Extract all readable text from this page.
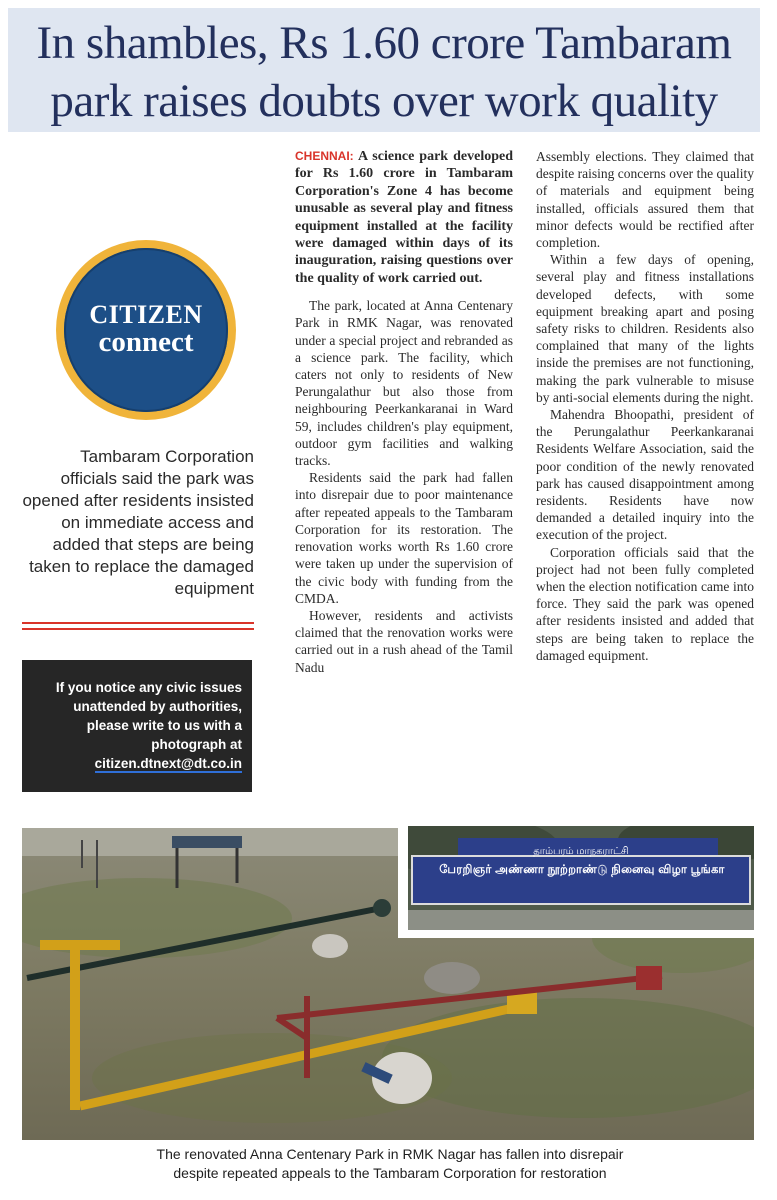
In shambles, Rs 1.60 crore Tambaram
park raises doubts over work quality
CITIZEN
connect

Tambaram Corporation officials said the park was opened after residents insisted on immediate access and added that steps are being taken to replace the damaged equipment

If you notice any civic issues unattended by authorities, please write to us with a photograph at citizen.dtnext@dt.co.in

CHENNAI: A science park developed for Rs 1.60 crore in Tambaram Corporation's Zone 4 has become unusable as several play and fitness equipment installed at the facility were damaged within days of its inauguration, raising questions over the quality of work carried out.

The park, located at Anna Centenary Park in RMK Nagar, was renovated under a special project and rebranded as a science park. The facility, which caters not only to residents of New Perungalathur but also those from neighbouring Peerkankaranai in Ward 59, includes children's play equipment, outdoor gym facilities and walking tracks.

Residents said the park had fallen into disrepair due to poor maintenance after repeated appeals to the Tambaram Corporation for its restoration. The renovation works worth Rs 1.60 crore were taken up under the supervision of the civic body with funding from the CMDA.

However, residents and activists claimed that the renovation works were carried out in a rush ahead of the Tamil Nadu

Assembly elections. They claimed that despite raising concerns over the quality of materials and equipment being installed, officials assured them that minor defects would be rectified after completion.

Within a few days of opening, several play and fitness installations developed defects, with some equipment breaking apart and posing safety risks to children. Residents also complained that many of the lights inside the premises are not functioning, making the park vulnerable to misuse by anti-social elements during the night.

Mahendra Bhoopathi, president of the Perungalathur Peerkankaranai Residents Welfare Association, said the poor condition of the newly renovated park has caused disappointment among residents. Residents have now demanded a detailed inquiry into the execution of the project.

Corporation officials said that the project had not been fully completed when the election notification came into force. They said the park was opened after residents insisted and added that steps are being taken to replace the damaged equipment.

தாம்பரம் மாநகராட்சி
பேரறிஞர் அண்ணா நூற்றாண்டு நினைவு விழா பூங்கா

The renovated Anna Centenary Park in RMK Nagar has fallen into disrepair
despite repeated appeals to the Tambaram Corporation for restoration
